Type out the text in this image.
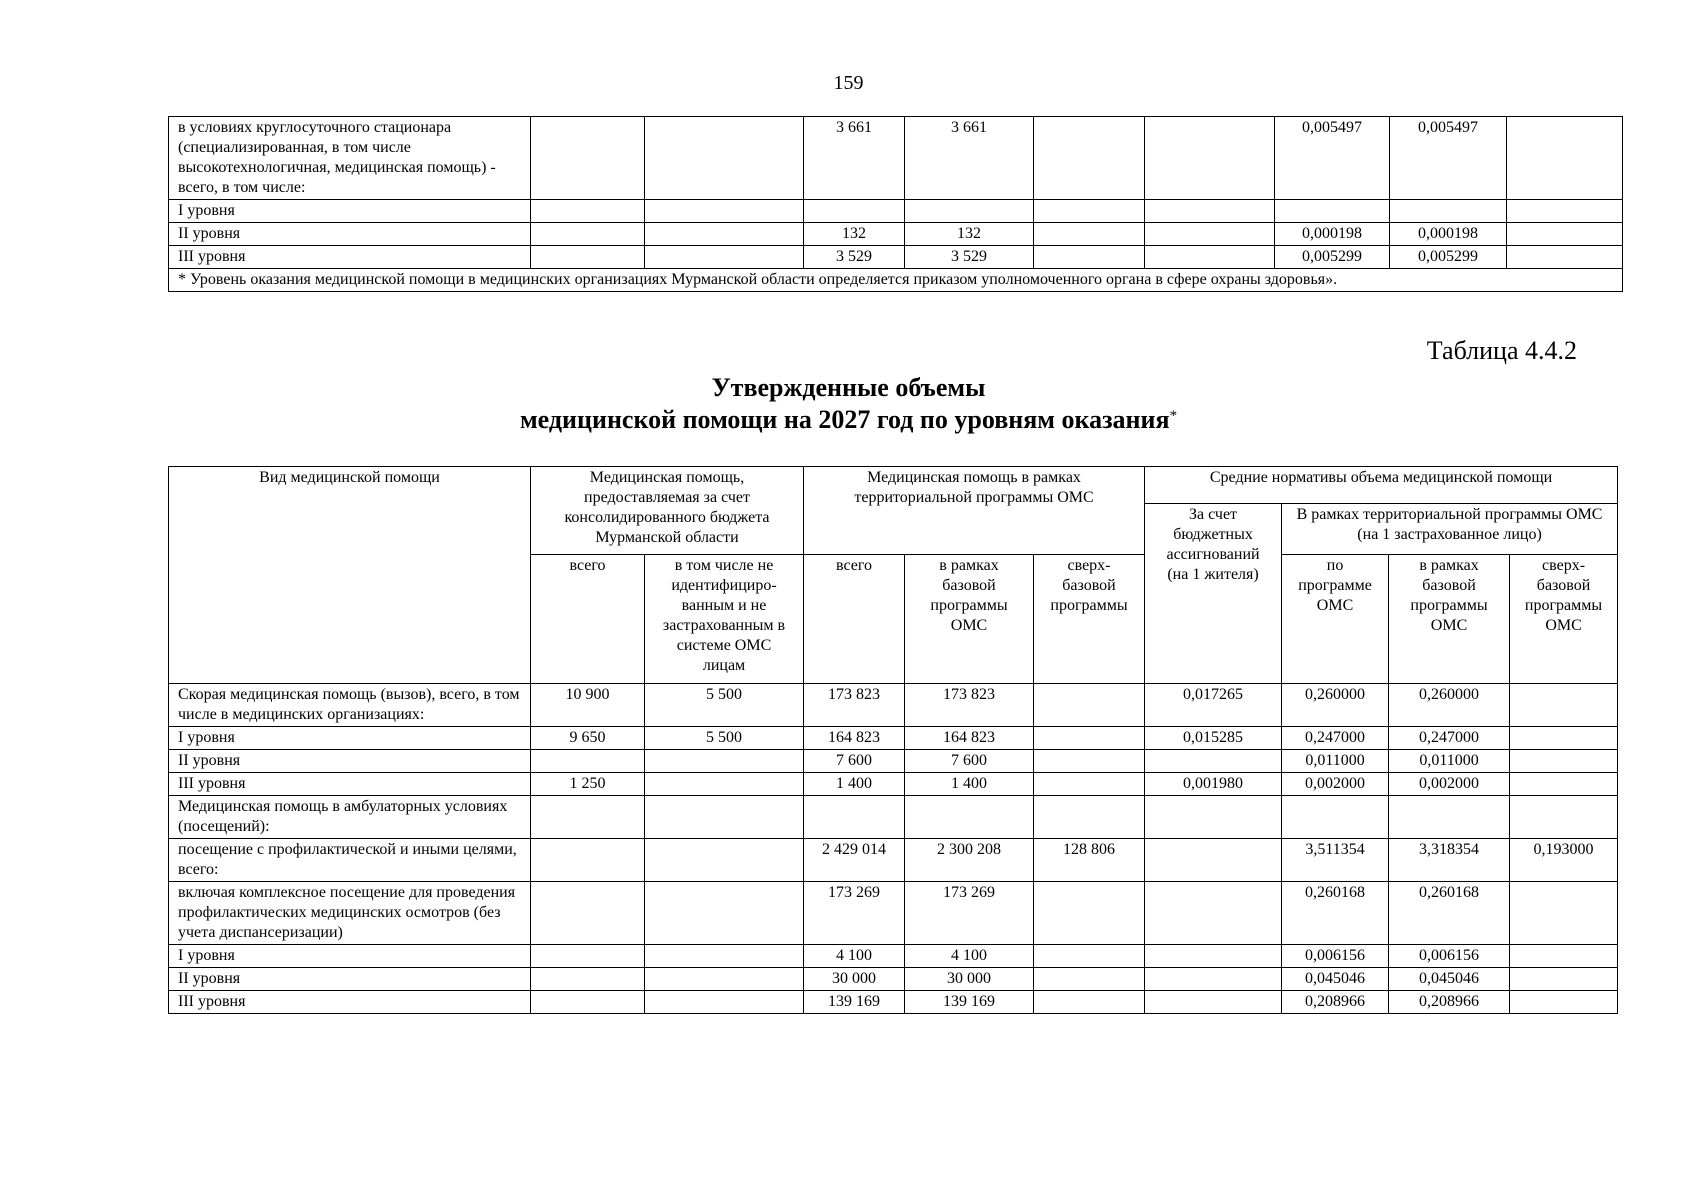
159
в условиях круглосуточного стационара (специализированная, в том числе высокотехнологичная, медицинская помощь) - всего, в том числе:			3 661	3 661			0,005497	0,005497	
I уровня									
II уровня			132	132			0,000198	0,000198	
III уровня			3 529	3 529			0,005299	0,005299	
* Уровень оказания медицинской помощи в медицинских организациях Мурманской области определяется приказом уполномоченного органа в сфере охраны здоровья».									
Таблица 4.4.2
Утвержденные объемы
медицинской помощи на 2027 год по уровням оказания*
Вид медицинской помощи	Медицинская помощь, предоставляемая за счет консолидированного бюджета Мурманской области		Медицинская помощь в рамках территориальной программы ОМС			Средние нормативы объема медицинской помощи			
						За счет бюджетных ассигнований (на 1 жителя)	В рамках территориальной программы ОМС (на 1 застрахованное лицо)		
	всего	в том числе не идентифициро-ванным и не застрахованным в системе ОМС лицам	всего	в рамках базовой программы ОМС	сверх-базовой программы		по программе ОМС	в рамках базовой программы ОМС	сверх-базовой программы ОМС
Скорая медицинская помощь (вызов), всего, в том числе в медицинских организациях:	10 900	5 500	173 823	173 823		0,017265	0,260000	0,260000	
I уровня	9 650	5 500	164 823	164 823		0,015285	0,247000	0,247000	
II уровня			7 600	7 600			0,011000	0,011000	
III уровня	1 250		1 400	1 400		0,001980	0,002000	0,002000	
Медицинская помощь в амбулаторных условиях (посещений):									
посещение с профилактической и иными целями, всего:			2 429 014	2 300 208	128 806		3,511354	3,318354	0,193000
включая комплексное посещение для проведения профилактических медицинских осмотров (без учета диспансеризации)			173 269	173 269			0,260168	0,260168	
I уровня			4 100	4 100			0,006156	0,006156	
II уровня			30 000	30 000			0,045046	0,045046	
III уровня			139 169	139 169			0,208966	0,208966	
